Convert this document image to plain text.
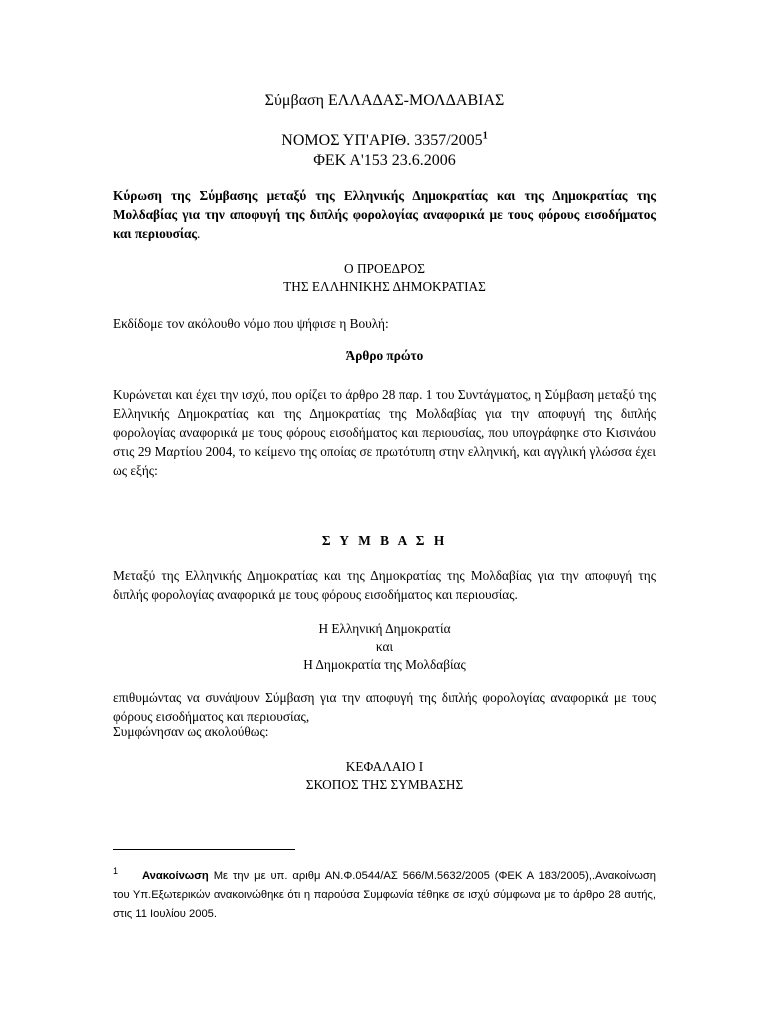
Σύμβαση ΕΛΛΑΔΑΣ-ΜΟΛΔΑΒΙΑΣ

ΝΟΜΟΣ ΥΠ'ΑΡΙΘ. 3357/2005$^1$

ΦΕΚ Α'153 23.6.2006

Κύρωση της Σύμβασης μεταξύ της Ελληνικής Δημοκρατίας και της Δημοκρατίας της Μολδαβίας για την αποφυγή της διπλής φορολογίας αναφορικά με τους φόρους εισοδήματος και περιουσίας.

Ο ΠΡΟΕΔΡΟΣ

ΤΗΣ ΕΛΛΗΝΙΚΗΣ ΔΗΜΟΚΡΑΤΙΑΣ

Εκδίδομε τον ακόλουθο νόμο που ψήφισε η Βουλή:

Άρθρο πρώτο

Κυρώνεται και έχει την ισχύ, που ορίζει το άρθρο 28 παρ. 1 του Συντάγματος, η Σύμβαση μεταξύ της Ελληνικής Δημοκρατίας και της Δημοκρατίας της Μολδαβίας για την αποφυγή της διπλής φορολογίας αναφορικά με τους φόρους εισοδήματος και περιουσίας, που υπογράφηκε στο Κισινάου στις 29 Μαρτίου 2004, το κείμενο της οποίας σε πρωτότυπη στην ελληνική, και αγγλική γλώσσα έχει ως εξής:

Σ Υ Μ Β Α Σ Η

Μεταξύ της Ελληνικής Δημοκρατίας και της Δημοκρατίας της Μολδαβίας για την αποφυγή της διπλής φορολογίας αναφορικά με τους φόρους εισοδήματος και περιουσίας.

Η Ελληνική Δημοκρατία

και

Η Δημοκρατία της Μολδαβίας

επιθυμώντας να συνάψουν Σύμβαση για την αποφυγή της διπλής φορολογίας αναφορικά με τους φόρους εισοδήματος και περιουσίας,

Συμφώνησαν ως ακολούθως:

ΚΕΦΑΛΑΙΟ Ι

ΣΚΟΠΟΣ ΤΗΣ ΣΥΜΒΑΣΗΣ

$^1$ Ανακοίνωση Με την με υπ. αριθμ ΑΝ.Φ.0544/ΑΣ 566/Μ.5632/2005 (ΦΕΚ Α 183/2005),.Ανακοίνωση του Υπ.Εξωτερικών ανακοινώθηκε ότι η παρούσα Συμφωνία τέθηκε σε ισχύ σύμφωνα με το άρθρο 28 αυτής, στις 11 Ιουλίου 2005.
